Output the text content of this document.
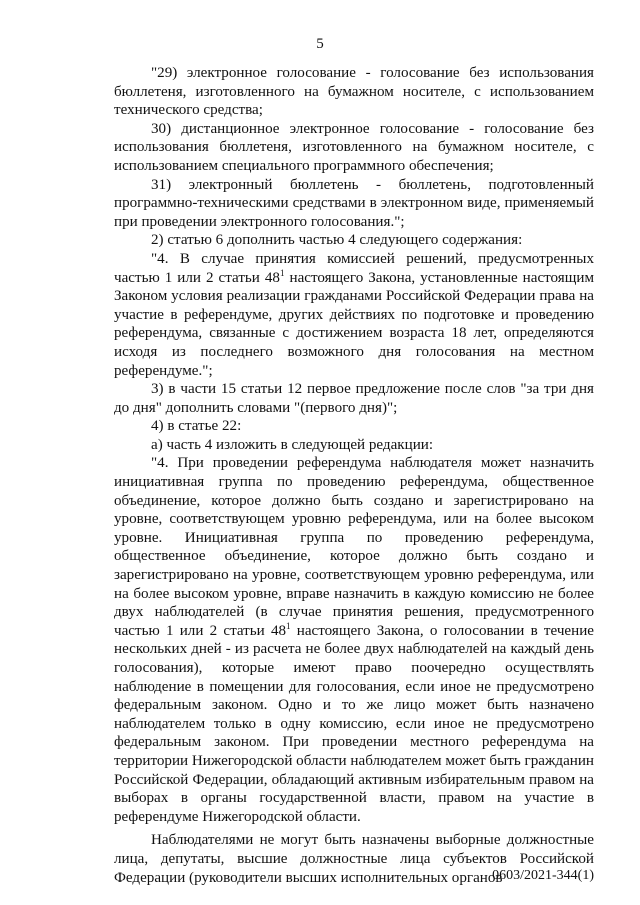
5

"29) электронное голосование - голосование без использования бюллетеня, изготовленного на бумажном носителе, с использованием технического средства;

30) дистанционное электронное голосование - голосование без использования бюллетеня, изготовленного на бумажном носителе, с использованием специального программного обеспечения;

31) электронный бюллетень - бюллетень, подготовленный программно-техническими средствами в электронном виде, применяемый при проведении электронного голосования.";

2) статью 6 дополнить частью 4 следующего содержания:

"4. В случае принятия комиссией решений, предусмотренных частью 1 или 2 статьи $48^1$ настоящего Закона, установленные настоящим Законом условия реализации гражданами Российской Федерации права на участие в референдуме, других действиях по подготовке и проведению референдума, связанные с достижением возраста 18 лет, определяются исходя из последнего возможного дня голосования на местном референдуме.";

3) в части 15 статьи 12 первое предложение после слов "за три дня до дня" дополнить словами "(первого дня)";

4) в статье 22:

а) часть 4 изложить в следующей редакции:

"4. При проведении референдума наблюдателя может назначить инициативная группа по проведению референдума, общественное объединение, которое должно быть создано и зарегистрировано на уровне, соответствующем уровню референдума, или на более высоком уровне. Инициативная группа по проведению референдума, общественное объединение, которое должно быть создано и зарегистрировано на уровне, соответствующем уровню референдума, или на более высоком уровне, вправе назначить в каждую комиссию не более двух наблюдателей (в случае принятия решения, предусмотренного частью 1 или 2 статьи $48^1$ настоящего Закона, о голосовании в течение нескольких дней - из расчета не более двух наблюдателей на каждый день голосования), которые имеют право поочередно осуществлять наблюдение в помещении для голосования, если иное не предусмотрено федеральным законом. Одно и то же лицо может быть назначено наблюдателем только в одну комиссию, если иное не предусмотрено федеральным законом. При проведении местного референдума на территории Нижегородской области наблюдателем может быть гражданин Российской Федерации, обладающий активным избирательным правом на выборах в органы государственной власти, правом на участие в референдуме Нижегородской области.

Наблюдателями не могут быть назначены выборные должностные лица, депутаты, высшие должностные лица субъектов Российской Федерации (руководители высших исполнительных органов

0603/2021-344(1)
